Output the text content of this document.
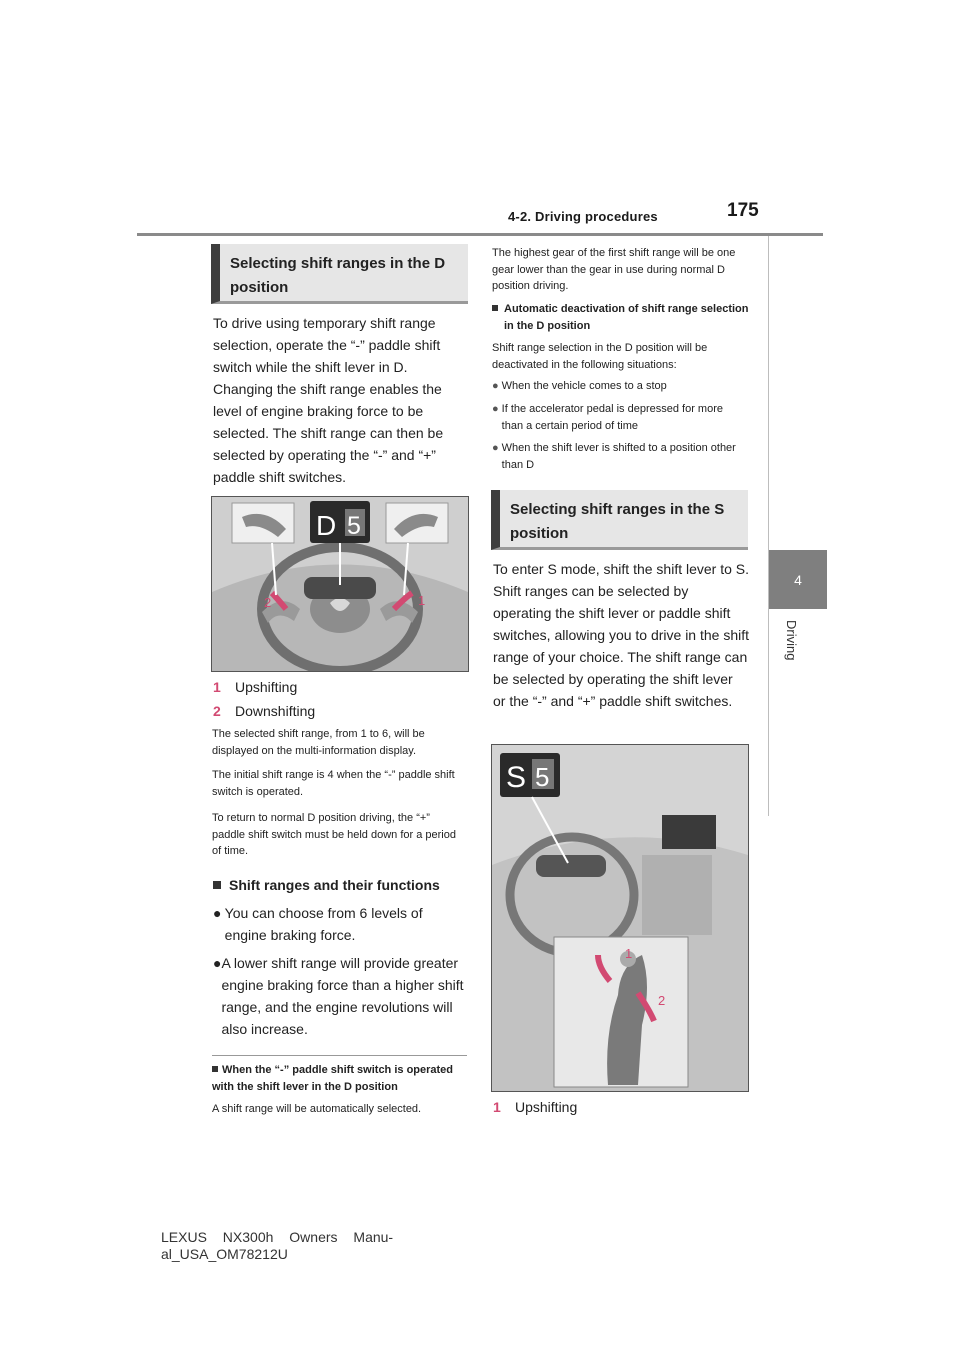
4-2. Driving procedures	175
4
Driving
Selecting shift ranges in the D position

To drive using temporary shift range selection, operate the “-” paddle shift switch while the shift lever in D. Changing the shift range enables the level of engine braking force to be selected. The shift range can then be selected by operating the “-” and “+” paddle shift switches.

D 5
2	1

1 Upshifting

2 Downshifting

The selected shift range, from 1 to 6, will be displayed on the multi-information display.

The initial shift range is 4 when the “-” paddle shift switch is operated.

To return to normal D position driving, the “+” paddle shift switch must be held down for a period of time.

Shift ranges and their functions

● You can choose from 6 levels of engine braking force.
● A lower shift range will provide greater engine braking force than a higher shift range, and the engine revolutions will also increase.

When the “-” paddle shift switch is operated with the shift lever in the D position

A shift range will be automatically selected.

The highest gear of the first shift range will be one gear lower than the gear in use during normal D position driving.

Automatic deactivation of shift range selection in the D position

Shift range selection in the D position will be deactivated in the following situations:

● When the vehicle comes to a stop
● If the accelerator pedal is depressed for more than a certain period of time
● When the shift lever is shifted to a position other than D
Selecting shift ranges in the S position

To enter S mode, shift the shift lever to S. Shift ranges can be selected by operating the shift lever or paddle shift switches, allowing you to drive in the shift range of your choice. The shift range can be selected by operating the shift lever or the “-” and “+” paddle shift switches.

1
2
S 5

1 Upshifting

LEXUS NX300h Owners Manu-
al_USA_OM78212U
